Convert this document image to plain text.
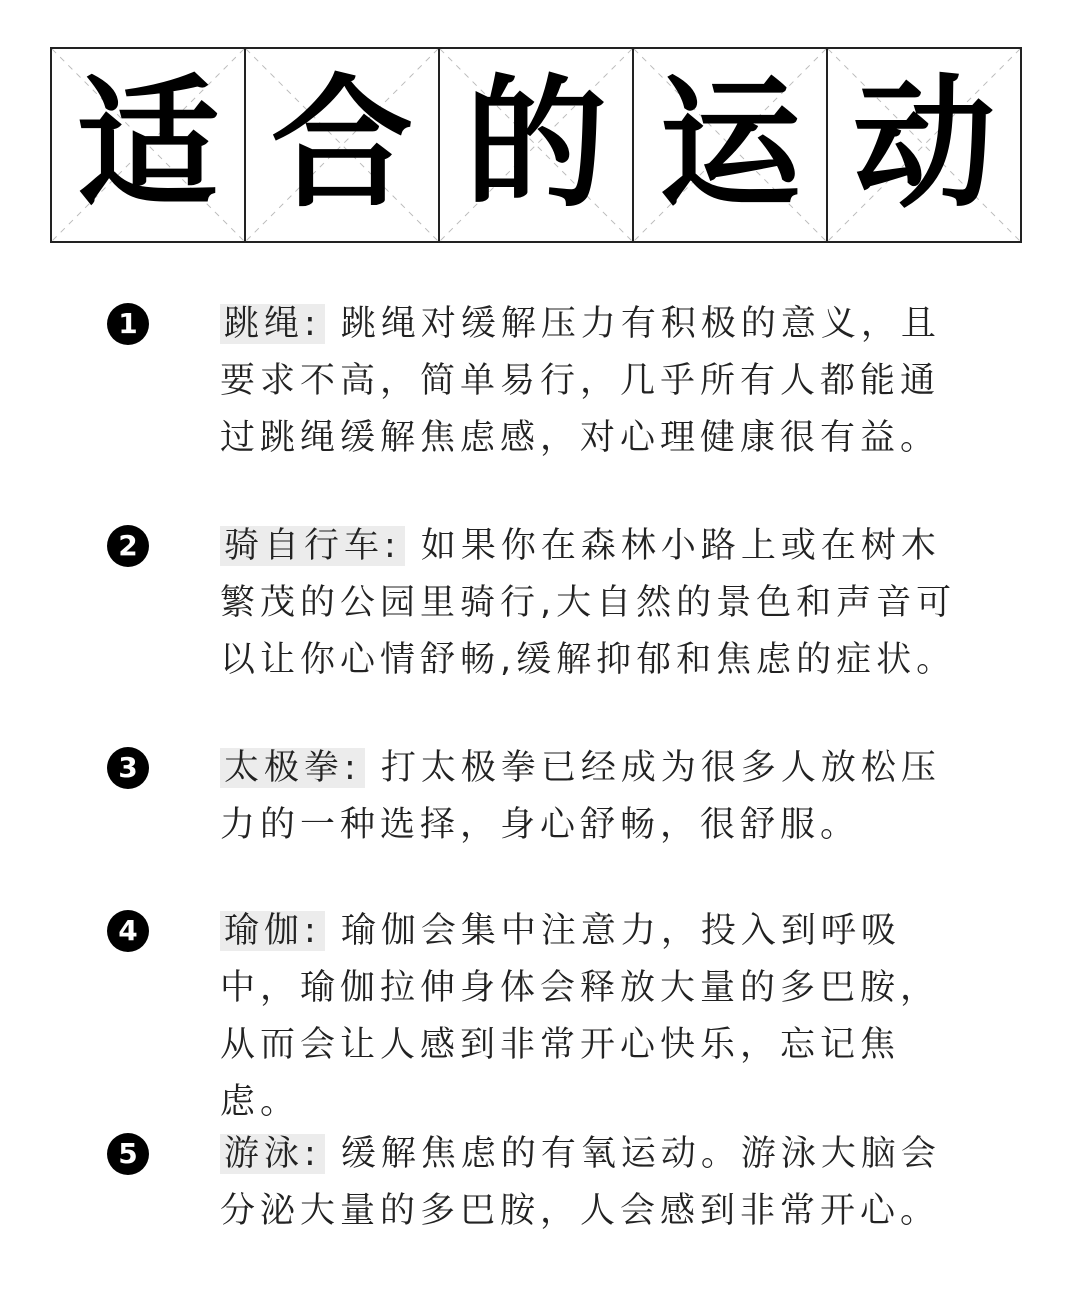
适 合 的 运 动
1	跳绳: 跳绳对缓解压力有积极的意义，且要求不高，简单易行，几乎所有人都能通过跳绳缓解焦虑感，对心理健康很有益。
2	骑自行车: 如果你在森林小路上或在树木繁茂的公园里骑行,大自然的景色和声音可以让你心情舒畅,缓解抑郁和焦虑的症状。
3	太极拳: 打太极拳已经成为很多人放松压力的一种选择，身心舒畅，很舒服。
4	瑜伽: 瑜伽会集中注意力，投入到呼吸中，瑜伽拉伸身体会释放大量的多巴胺，从而会让人感到非常开心快乐，忘记焦虑。
5	游泳: 缓解焦虑的有氧运动。游泳大脑会分泌大量的多巴胺，人会感到非常开心。
